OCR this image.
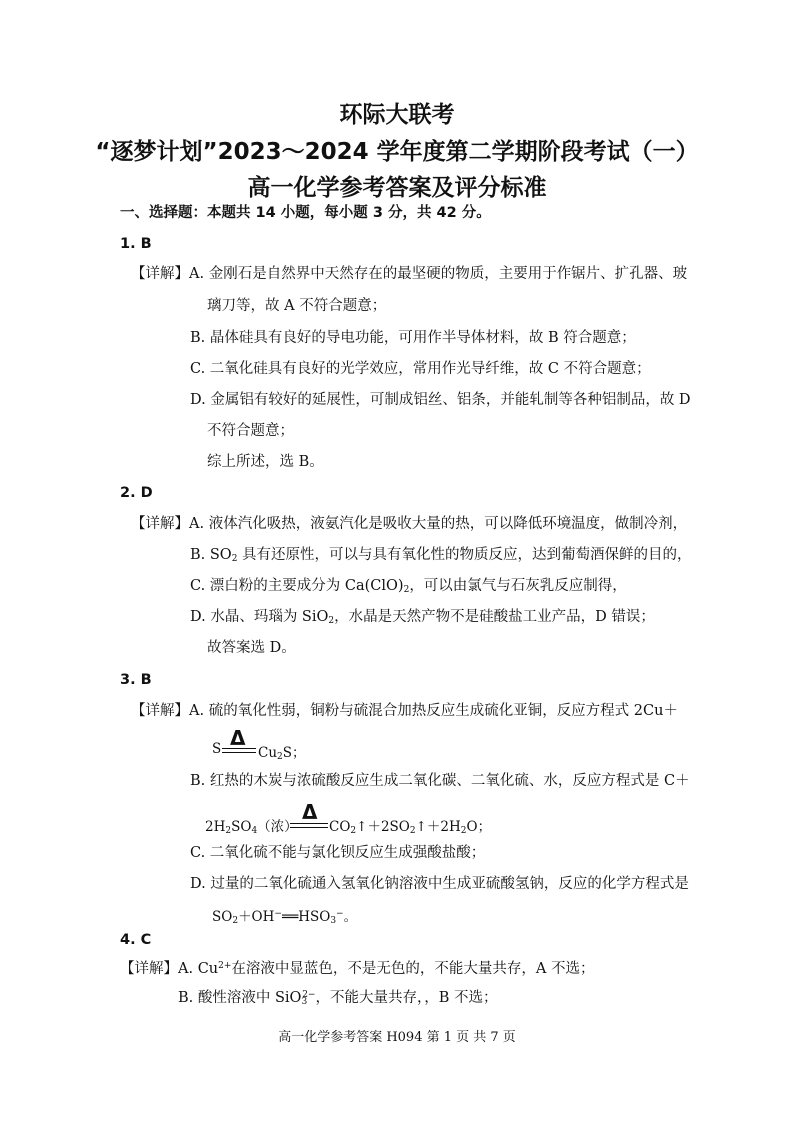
环际大联考
“逐梦计划”2023～2024 学年度第二学期阶段考试（一）
高一化学参考答案及评分标准
一、选择题：本题共 14 小题，每小题 3 分，共 42 分。
1. B
【详解】A. 金刚石是自然界中天然存在的最坚硬的物质，主要用于作锯片、扩孔器、玻
璃刀等，故 A 不符合题意；
B. 晶体硅具有良好的导电功能，可用作半导体材料，故 B 符合题意；
C. 二氧化硅具有良好的光学效应，常用作光导纤维，故 C 不符合题意；
D. 金属铝有较好的延展性，可制成铝丝、铝条，并能轧制等各种铝制品，故 D
不符合题意；
综上所述，选 B。
2. D
【详解】A. 液体汽化吸热，液氨汽化是吸收大量的热，可以降低环境温度，做制冷剂，
B. $SO_2$ 具有还原性，可以与具有氧化性的物质反应，达到葡萄酒保鲜的目的，
C. 漂白粉的主要成分为 $Ca(ClO)_2$，可以由氯气与石灰乳反应制得，
D. 水晶、玛瑙为 SiO$_2$，水晶是天然产物不是硅酸盐工业产品，D 错误；
故答案选 D。
3. B
【详解】A. 硫的氧化性弱，铜粉与硫混合加热反应生成硫化亚铜，反应方程式 2Cu＋
S Δ
$Cu_2S$；
B. 红热的木炭与浓硫酸反应生成二氧化碳、二氧化硫、水，反应方程式是 C＋
$2H_2SO_4$（浓）
Δ
$CO_2↑+2SO_2↑+2H_2O$；
C. 二氧化硫不能与氯化钡反应生成强酸盐酸；
D. 过量的二氧化硫通入氢氧化钠溶液中生成亚硫酸氢钠，反应的化学方程式是
$SO_2+OH^-══HSO_3^-$。
4. C
【详解】A. $Cu^{2+}$在溶液中显蓝色，不是无色的，不能大量共存，A 不选；
B. 酸性溶液中 SiO$_3^{2-}$，不能大量共存，，B 不选；
高一化学参考答案 H094 第 1 页 共 7 页
